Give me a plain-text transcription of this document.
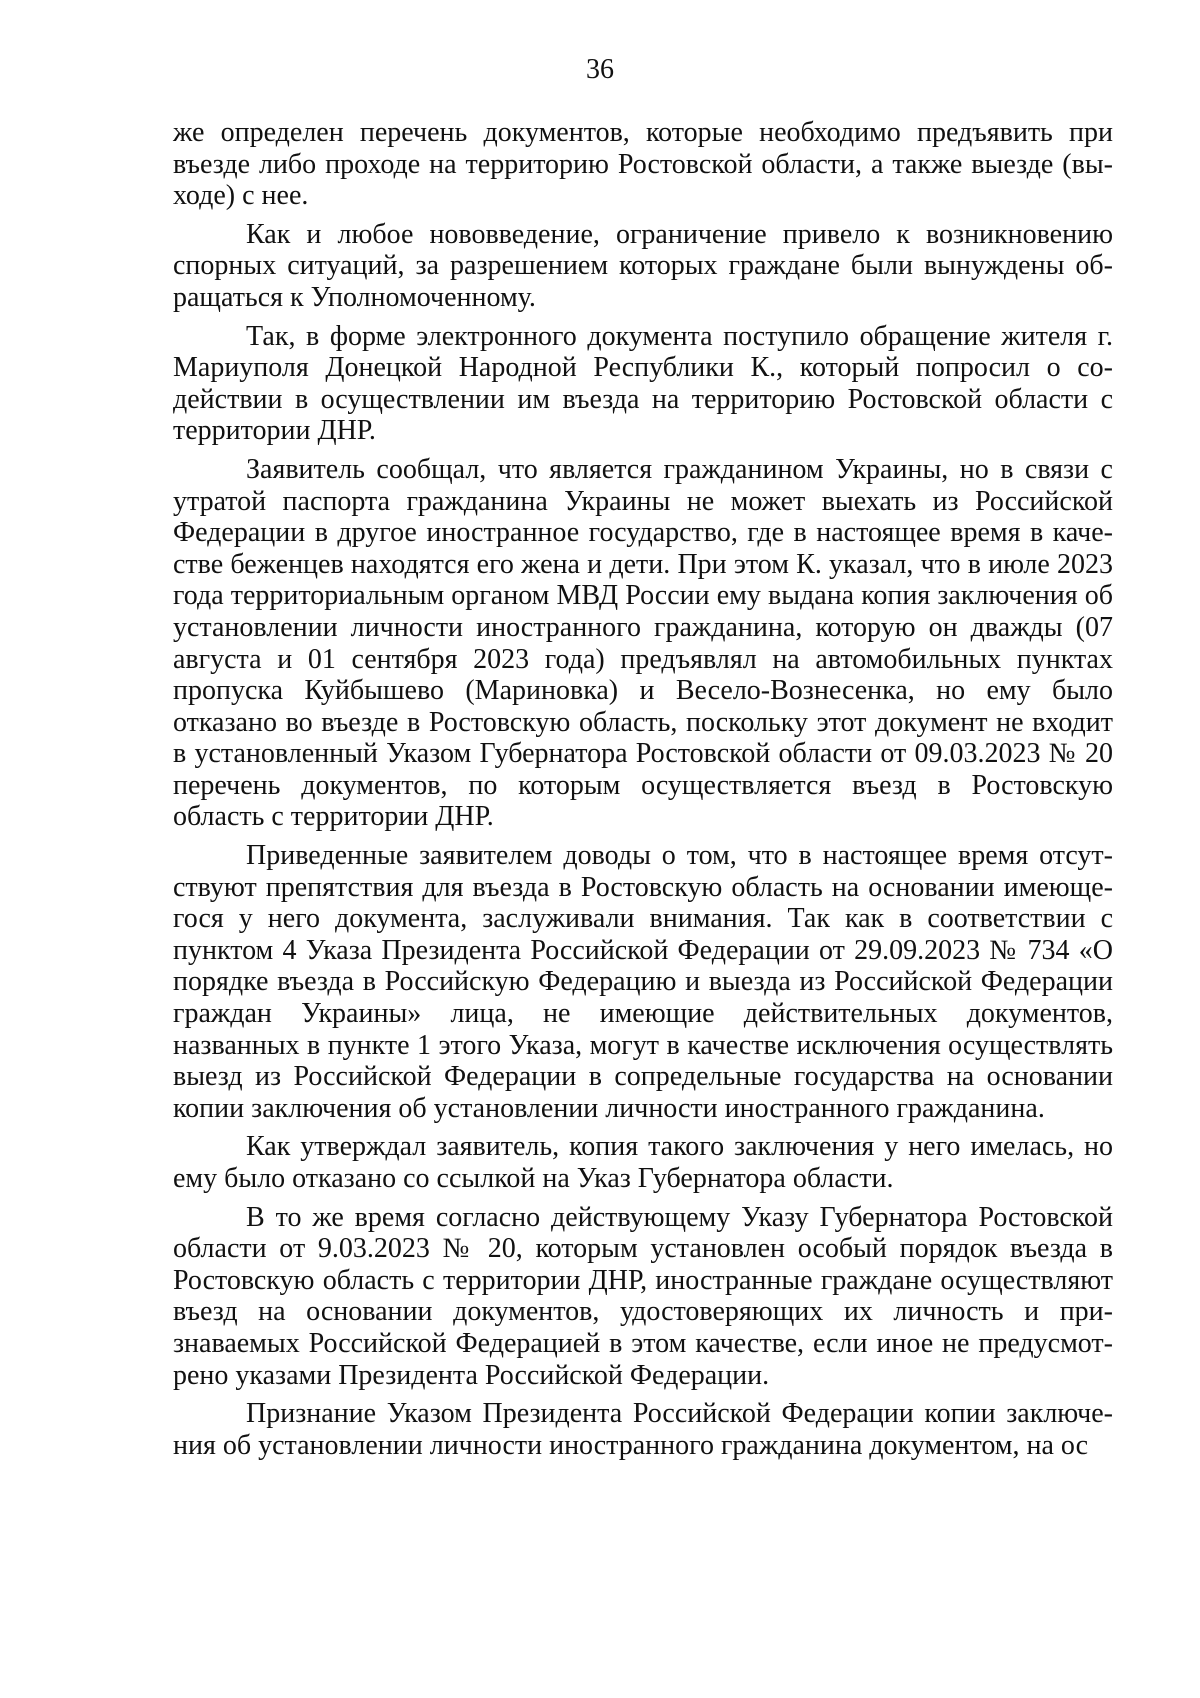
36

же определен перечень документов, которые необходимо предъявить при въезде либо проходе на территорию Ростовской области, а также выезде (выходе) с нее.

Как и любое нововведение, ограничение привело к возникновению спорных ситуаций, за разрешением которых граждане были вынуждены обращаться к Уполномоченному.

Так, в форме электронного документа поступило обращение жителя г. Мариуполя Донецкой Народной Республики К., который попросил о содействии в осуществлении им въезда на территорию Ростовской области с территории ДНР.

Заявитель сообщал, что является гражданином Украины, но в связи с утратой паспорта гражданина Украины не может выехать из Российской Федерации в другое иностранное государство, где в настоящее время в качестве беженцев находятся его жена и дети. При этом К. указал, что в июле 2023 года территориальным органом МВД России ему выдана копия заключения об установлении личности иностранного гражданина, которую он дважды (07 августа и 01 сентября 2023 года) предъявлял на автомобильных пунктах пропуска Куйбышево (Мариновка) и Весело-Вознесенка, но ему было отказано во въезде в Ростовскую область, поскольку этот документ не входит в установленный Указом Губернатора Ростовской области от 09.03.2023 № 20 перечень документов, по которым осуществляется въезд в Ростовскую область с территории ДНР.

Приведенные заявителем доводы о том, что в настоящее время отсутствуют препятствия для въезда в Ростовскую область на основании имеющегося у него документа, заслуживали внимания. Так как в соответствии с пунктом 4 Указа Президента Российской Федерации от 29.09.2023 № 734 «О порядке въезда в Российскую Федерацию и выезда из Российской Федерации граждан Украины» лица, не имеющие действительных документов, названных в пункте 1 этого Указа, могут в качестве исключения осуществлять выезд из Российской Федерации в сопредельные государства на основании копии заключения об установлении личности иностранного гражданина.

Как утверждал заявитель, копия такого заключения у него имелась, но ему было отказано со ссылкой на Указ Губернатора области.

В то же время согласно действующему Указу Губернатора Ростовской области от 9.03.2023 № 20, которым установлен особый порядок въезда в Ростовскую область с территории ДНР, иностранные граждане осуществляют въезд на основании документов, удостоверяющих их личность и признаваемых Российской Федерацией в этом качестве, если иное не предусмотрено указами Президента Российской Федерации.

Признание Указом Президента Российской Федерации копии заключения об установлении личности иностранного гражданина документом, на ос
